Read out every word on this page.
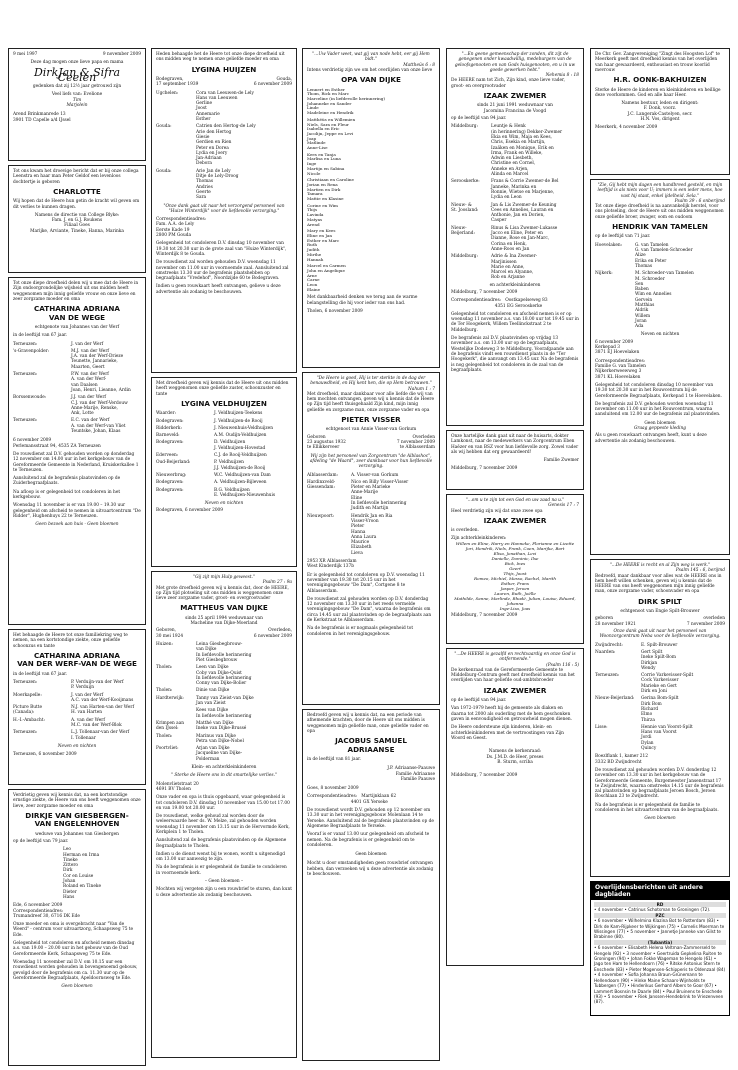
9 mei 1997	9 november 2009
Deze dag mogen onze lieve papa en mama
DirkJan & Sifra Ceelen
gedenken dat zij 12½ jaar getrouwd zijn
Veel liefs van: Evelione
Tim
Marjolein
Arend Brinkmanrede 13
3901 TD Capelle a/d IJssel
Tot ons kwam het droevige bericht dat er bij onze collega Leenstra en haar man Peter Geldof een levenloos dochtertje is geboren
CHARLOTTE
Wij hopen dat de Heere hun getin de kracht wil geven om dit verlies te kunnen dragen.
Namens de directie van College Blyke:
Fam. J. en G.J. Roukens
Filiaal Goes
Marijke, Arviante, Tineke, Hanna, Marinka
Tot onze diepe droefheid delen wij u mee dat de Heere in Zijn ondoorgrondelijke wijsheid uit ons midden heeft weggenomen mijn innig geliefde vrouw en onze lieve en zeer zorgzame moeder en oma
CATHARINA ADRIANA
VAN DE WEGE
echtgenote van Johannes van der Werf
in de leeftijd van 67 jaar.
Terneuzen:	J. van der Werf
's-Gravenpolder:	M.J. van der Werf
J.A. van der Werf-Drieze
Teunette, Jannarieke,
Maarten, Geert
Terneuzen:	P.W. van der Werf
A. van der Werf-
van Daalsen
Joan, Henri, Lieanne, Ardin
Borssenwoude:	J.J. van der Werf
C.J. van der Werf-Verdouw
Anne-Marije, Renske,
Ank, Lotte
Terneuzen:	E.C. van der Werf
A. van der Werf-van Vliet
Teuntske, Johan, Klaas
6 november 2009
Perlemansstraat 94, 4535 ZA Terneuzen
De rouwdienst zal D.V. gehouden worden op donderdag 12 november om 14.00 uur in het kerkgebouw van de Gereformeerde Gemeente in Nederland, Kruiskerkallee 1 te Terneuzen.
Aansluitend zal de begrafenis plaatsvinden op de Zuiderbegraafplaats.
Na afloop is er gelegenheid tot condoleren in het kerkgebouw.
Woensdag 11 november is er van 19.00 – 19.30 uur gelegenheid om afscheid te nemen in uitvaartcentrum "De Ridder", Hughenhuys 22 te Terneuzen.
Geen bezoek aan huis - Geen bloemen
Het behaagde de Heere tot onze familiekring weg te nemen, na een kortstondige ziekte, onze geliefde schoonzus en tante
CATHARINA ADRIANA
VAN DER WERF-VAN DE WEGE
in de leeftijd van 67 jaar.
Terneuzen:	P. Verduijn-van der Werf
P. Verduijn
Moerkapelle:	J. van der Werf
A.C. van der Werf-Kooijmans
Picture Butte
(Canada):
N.J. van Harten-van der Werf
H. van Harten
H.-I.-Ambacht:	A. van der Werf
M.C. van der Werf-Blok
Terneuzen:	L.J. Tollenaar-van der Werf
I. Tollenaar
Neven en nichten
Terneuzen, 6 november 2009
Verdrietig geven wij kennis dat, na een kortstondige ernstige ziekte, de Heere van ons heeft weggenomen onze lieve, zeer zorgzame moeder en oma
DIRKJE VAN GIESBERGEN-
VAN ENGELENHOVEN
weduwe van Johannes van Giesbergen
op de leeftijd van 79 jaar.
Leo
Herman en Irma
Tineke
Zittero
Dirk
Cor en Louise
Johan
Roland en Tineke
Dieter
Hans
Ede, 6 november 2009
Correspondentieadres:
Trumandreef 30, 6716 DK Ede
Onze moeder en oma is overgebracht naar "Van de Weerd" - centrum voor uitvaartzorg, Schaapsweg 75 te Ede.
Gelegenheid tot condoleren en afscheid nemen dinsdag a.s. van 19.00 – 20.00 uur in het gebouw van de Oud Gereformeerde Kerk, Schaapsweg 75 te Ede.
Woensdag 11 november zal D.V. om 10.15 uur een rouwdienst worden gehouden in bovengenoemd gebouw, gevolgd door de begrafenis om ca. 11.30 uur op de Gereformeerde Begraafplaats, Apeldoornsweg te Ede.
Geen bloemen
Heden behaagde het de Heere tot onze diepe droefheid uit ons midden weg te nemen onze geliefde moeder en oma
LYGINA HUIJZEN
Bodegraven,	Gouda,
17 september 1939	6 november 2009
Ugchelen:	Cora van Leeuwen-de Lely
Hans van Leeuwen
Gerline
Joost
Annemarie
Esther
Gouda:	Catrien den Hertog-de Lely
Arie den Hertog
Giesie
Gerdien en Rien
Peter en Dorea
Lydia en Joery
Jan-Adriaan
Debora
Gouda:	Arie Jan de Lely
Ditje de Lely-Droog
Thomas
Andries
Geerte
Sara
"Onze dank gaat uit naar het verzorgend personeel van "Huize Winterdijk" voor de liefdevolle verzorging."
Correspondentieadres:
Fam. A.A. de Lely
Eerste Kade 19
2800 PM Gouda
Gelegenheid tot condoleren D.V. dinsdag 10 november van 19.30 tot 20.30 uur in de grote zaal van "Huize Winterdijk", Winterdijk 8 te Gouda.
De rouwdienst zal worden gehouden D.V. woensdag 11 november om 11.00 uur in voornoemde zaal. Aansluitend zal omstreeks 13.30 uur de begrafenis plaatshebben op begraafplaats "Vredehof", Noordzijde 60 te Bodegraven.
Indien u geen rouwkaart heeft ontvangen, gelieve u deze advertentie als zodanig te beschouwen.
Met droefheid geven wij kennis dat de Heere uit ons midden heeft weggenomen onze geliefde zuster, schoonzuster en tante
LYGINA VELDHUIJZEN
Waarder:	J. Veldhuijzen-Teekens
Bodegraven:	J. Veldhuijzen-de Rooij
Ridderkerk:	J. Nieuwenhuis-Veldhuijzen
Barneveld:	A.M. Oudijn-Veldhuijzen
Bodegraven:	D. Veldhuijzen
J. Veldhuijzen-Hovestad
Ederveen:	C.J. de Rooij-Veldhuijzen
Oud-Beijerland:	P. Veldhuijzen
J.J. Veldhuijzen-de Rooij
Nieuwerbrug:	W.C. Veldhuijzen-van Dam
Bodegraven:	A. Veldhuijzen-Bijleveen
Bodegraven:	B.G. Veldhuijzen
E. Veldhuijzen-Nieuwenhuis
Neven en nichten
Bodegraven, 6 november 2009
"Gij zijt mijn Hulp geweest."
Psalm 27 : 9a
Met grote droefheid geven wij u kennis dat, door de HEERE, op Zijn tijd plotseling uit ons midden is weggenomen onze lieve zeer zorgzame vader, groot- en overgrootvader
MATTHEUS VAN DIJKE
sinds 25 april 1994 weduwnaar van
Macheline van Dijke-Moerland
Geboren,	Overleden,
30 mei 1924	6 november 2009
Huizen:	Leina Giesbegbrouw-
van Dijke
In liefdevolle herinnering
Piet Giesbegbrouw
Tholen:	Leen van Dijke
Coby van Dijke-Quist
In liefdevolle herinnering
Conny van Dijke-Bolier
Tholen:	Dinie van Dijke
Hardterwijk:	Tanny van Zieist-van Dijke
Jan van Zieist
Kees van Dijke
In liefdevolle herinnering
Krimpen aan
den IJssel:
Matthé van Dijke
Ineke van Dijke-Brussé
Tholen:	Marinus van Dijke
Petra van Dijke-Nobel
Poortvliet:	Arjan van Dijke
Jacqueline van Dijke-
Polderman
Klein- en achterkleinkinderen
" Sterke de Heere ons in dit smartelijke verlies."
Molenvlietstraat 20
4691 BV Tholen
Onze vader en opa is thuis opgebaard, waar gelegenheid is tot condoleren D.V. dinsdag 10 november van 15.00 tot 17.00 en van 19.00 tot 20.00 uur.
De rouwdienst, welke gehoud zal worden door de weleerwaarde heer ds. W. Melze, zal gehouden worden woensdag 11 november om 13.15 uur in de Hervormde Kerk, Kerkplein 1 te Tholen.
Aansluitend zal de begrafenis plaatsvinden op de Algemene Begraafplaats te Tholen.
Indien u de dienst wenst bij te wonen, wordt u uitgenodigd om 13.00 uur aanwezig te zijn.
Na de begrafenis is er gelegenheid de familie te condoleren in voornoemde kerk.
– Geen bloemen –
Mochten wij vergeten zijn u een rouwbrief te sturen, dan kunt u deze advertentie als zodanig beschouwen.
"...Uw Vader weet, wat gij van node hebt, eer gij Hem bidt."
Mattheüs 6 : 8
Intens verdrietig zijn we om het overlijden van onze lieve
OPA VAN DIJKE
Lennert en Esther
Thom, Rick en Marc
Marceline (in liefdevolle herinnering)
Johanneke en Sander
Linde
Madeleine en Hendrik

Matthéüs en Willemien
Niels, Sara en Fleur
Isabella en Eric
Jacolijn, Jeppe en Levi
Joap
Matlinde
Anne-Lise

Kees en Tanja
Marlisa en Luna
Inge
Martijn en Sabina
Nicole

Christiaan en Caroline
Jorian en Rena
Martien en Dirk
Tamara
Mattie en Klasine

Corine en Wim
Thijs
Lavinda
Matyas
Arend

Mary en Kees
Eline en Jan
Esther en Marc
Ruth
Judith
Mirthe
Hannah

Marcel en Carmen
John en Angelique
Arne
Carne
Leon
Elaine
Met dankbaarheid denken we terug aan de warme belangstelling die hij voor ieder van ons had.
Tholen, 6 november 2009
"De Heere is goed, Hij is ter sterkte in de dag der benauwdheid, en Hij kent hen, die op Hem betrouwen."
Nahum 1 : 7
Met droefheid, maar dankbaar voor alle liefde die wij van hem mochten ontvangen, geven wij u kennis dat de Heere op Zijn tijd heeft thuisgehaald Zijn kind, mijn innig geliefde en zorgzame man, onze zorgzame vader en opa
PIETER VISSER
echtgenoot van Annie Visser-van Gorkum
Geboren	Overleden
23 augustus 1932	7 november 2009
te Ellikkerveer	te Alblasserdam
Wij zijn het personeel van Zorgcentrum "de Alblashoc", afdeling "de Waard", zeer dankbaar voor hun liefdevolle verzorging.
Alblasserdam:	A. Visser-van Gorkum
Hardinxveld-
Giessendam:
Nico en Billy Visser-Visser
Pieter en Marieke
Anne-Marije
Eline
In liefdevolle herinnering
Judith en Martijn
Nieuwpoort:	Hendrik Jan en Ria
Visser-Vroon
Pieter
Hanna
Anna Laura
Maurice
Elizabeth
Lieva
2953 XR Alblasserdam
West Kinderdijk 137b
Er is gelegenheid tot condoleren op D.V. woensdag 11 november van 19.30 tot 20.15 uur in het verenigingsgebouw "De Dam", Cortgene 8 te Alblasserdam.
De rouwdienst zal gehouden worden op D.V. donderdag 12 november om 13.30 uur in het reeds vermelde verenigingsgebouw "De Dam", waarna de begrafenis om circa 14.45 uur zal plaatsvinden op de begraafplaats aan de Kerkstraat te Alblasserdam.
Na de begrafenis is er nogmaals gelegenheid tot condoleren in het verenigingsgebouw.
Bedroefd geven wij u kennis dat, na een periode van afnemende krachten, door de Heere uit ons midden is weggenomen mijn geliefde man, onze geliefde vader en opa
JACOBUS SAMUEL
ADRIAANSE
in de leeftijd van 81 jaar.
J.P. Adriaanse-Paauwe
Familie Adriaanse
Familie Paauwe
Goes, 8 november 2009
Correspondentieadres:   Martijnklaan 62
4401 GX Yerseke
De rouwdienst wordt D.V. gehouden op 12 november om 13.30 uur in het verenigingsgebouw Molenlaan 14 te Yerseke. Aansluitend zal de begrafenis plaatsvinden op de Algemene Begraafplaats te Yerseke.
Vooraf is er vanaf 13.00 uur gelegenheid om afscheid te nemen. Na de begrafenis is er gelegenheid om te condoleren.
Geen bloemen
Mocht u door omstandigheden geen rouwbrief ontvangen hebben, dan verzoeken wij u deze advertentie als zodanig te beschouwen.
"...En geene gemeenschap der zonden, dit zijt de genegenen onder kwaadwillig, medeburgers van de geloofsgenooten en van Gods huisgenooten, en u in uw goede gewerken hebt."
Nehemia 8 : 18
De HEERE nam tot Zich, Zijn kind, onze lieve vader, groot- en overgrootvader
IZAAK ZWEMER
sinds 21 juni 1991 weduwnaar van
Jacomina Francina de Voogd
op de leeftijd van 94 jaar.
Middelburg:	Leuntje & Henk
(in herinnering) Dekker-Zwemer
Ekia en Wim, Maja en Kees,
Chris, Esekia en Martijn,
Izaäken en Monique, Erik en
Irma, Frank en Willeke,
Adwin en Liesbeth,
Christine en Cornel,
Anneke en Arjen,
Alinda en Marcel
Serooskerke:	Frans & Corrie Zwemer-de Bel
Janneke, Marinka en
Ronnie, Wietse en Marjenne,
Lydia en Leon
Nieuw- &
St. Joosland:
Jan & Lis Zwemer-de Keuning
Cees en Annelies, Lauran en
Anthonie, Jan en Dorien,
Casper
Nieuw-
Beijerland:
Rinus & Lisa Zwemer-Lukasse
Jacco en Eline, Peter en
Dianne, Rose en Jan-Marc,
Corina en Henk,
Anne-Roos en Jan
Middelburg:	Adrie & Ina Zwemer-
Marjinissen
Marie en Anne,
Marcel en Alyanne,
Rob en Arjanne
en achterkleinkinderen
Middelburg, 7 november 2009
Correspondentieadres:   Oostkapelseweg 83
4351 EG Serooskerke
Gelegenheid tot condoleren en afscheid nemen is er op woensdag 11 november a.s. van 18.00 uur tot 19.45 uur in de Ter Hoogekerk, Willem Teellinckstraat 2 te Middelburg.
De begrafenis zal D.V. plaatsvinden op vrijdag 13 november a.s. om 13.00 uur op de begraafplaats, Westelijke Dodeweg 3 te Middelburg. Voorafgaande aan de begrafenis vindt een rouwdienst plaats in de "Ter Hoogekerk", die aanvangt om 13.45 uur. Na de begrafenis is nog gelegenheid tot condoleren in de zaal van de begraafplaats.
Onze hartelijke dank gaat uit naar de huisarts, dokter Lamkonst, naar de medewerkers van Zorgcentrum Eben Haëzer en van BSZ voor hun liefdevolle zorg. Zowel vader als wij hebben dat erg gewaardeerd!
Familie Zwemer
Middelburg, 7 november 2009
"...om u te zijn tot een God en uw zaad na u."
Genesis 17 : 7
Heel verdrietig zijn wij dat onze zwee opa
IZAAK ZWEMER
is overleden.
Zijn achterkleinkinderen:
Willem en Eline, Harry en Hanneke, Florianne en Lizette
Jori, Hendrik, Niels, Frank, Coen, Marijke, Bart
Elisa, Jonathan, Levi
Danielle, Dominic, Ilse
Bick, Ines
Geert
Thijs, Joost
Romeo, Michiel, Messo, Rachel, Marith
Esther, Frans
Jasper, Jeroen
Lauren, Ruth, Joëlle
Mathilde, Sanne, Marlinde, Rhodé, Julian, Louise, Eduard, Johanna
Inge-Lisa, Joas
Middelburg, 7 november 2009
"...De HEERE is gezalfd en rechtvaardig en onze God is ontfermende."
(Psalm 116 : 5)
De kerkenraad van de Gereformeerde Gemeente te Middelburg-Centrum geeft met droefheid kennis van het overlijden van haar geliefde oud-ambtsbroeder
IZAAK ZWEMER
op de leeftijd van 94 jaar.
Van 1972-1979 heeft hij de gemeente als diaken en daarna tot 2000 als ouderling met de hem geschonken gaven in eenvoudigheid en getrouwheid mogen dienen.
De Heere ondersteune zijn kinderen, klein- en achterkleinkinderen met de vertroostingen van Zijn Woord en Geest.
Namens de kerkenraad:
Ds. J.M.D. de Heer, preses
B. Sturm, scriba
Middelburg, 7 november 2009
De Chr. Gev. Zangvereniging "Zingt des Hoogsten Lof" te Meerkerk geeft met droefheid kennis van het overlijden van haar gewaardeerd, enthousiast en trouw koorlid mevrouw
H.R. OONK-BAKHUIZEN
Sterke de Heere de kinderen en kleinkinderen en heillige deze voorkommen. God en alle haar Heer.
Namens bestuur, leden en dirigent:
F. Donk, voorz.
J.C. Langerak-Castelyen, secr.
H.N. Vos, dirigent
Meerkerk, 4 november 2009
"Zie, Gij hebt mijn dagen een handbreed gesteld, en mijn leeftijd is als niets voor U; immers is een ieder mens, hoe vast hij staat, enkel ijdelheid. Sela."
Psalm 39 : 6 onberijmd
Tot onze diepe droefheid is na aanvankelijk herstel, voor ons plotseling, door de Heere uit ons midden weggenomen onze geliefde broer, zwager, oom en oudoom
HENDRIK VAN TAMELEN
op de leeftijd van 71 jaar.
Hoevelaken:	G. van Tamelen
G. van Tamelen-Schroeder
Alize
Erika en Peter
Thomas
Nijkerk:	M. Schroeder-van Tamelen
M. Schroeder
Sen
Baben
Wim en Annelies
Gervein
Matthias
Aldrik
Willem
Joran
Ada
Neven en nichten
6 november 2009
Kerkepad 3
3871 EJ Hoevelaken
Correspondentieadres:
Familie G. van Tamelen
Nijkerkerweewweg 3
3871 KL Hoevelaken
Gelegenheid tot condoleren dinsdag 10 november van 19.30 tot 20.30 uur in het Rouwcentrum bij de Gereformeerde Begraafplaats, Kerkepad 1 te Hoevelaken.
De begrafenis zal D.V. gehouden worden woensdag 11 november om 11.00 uur in het Rouwcentrum, waarna aansluitend om 12.00 uur de begrafenis zal plaatsvinden.
Geen bloemen
Graag geppeste kleding
Als u geen rouwkaart ontvangen heeft, kunt u deze advertentie als zodanig beschouwen.
"...De HEERE is recht en al Zijn weg is werk."
Psalm 145 : 6, berijmd
Bedroefd, maar dankbaar voor alles wat de HEERE ons in hem heeft willen schenken, geven wij u kennis dat de HEERE van ons heeft weggenomen mijn innig geliefde man, onze zorgzame vader, schoonvader en opa
DIRK SPILT
echtgenoot van Engie Spilt-Brouwer
geboren	overleden
28 november 1921	7 november 2009
Onze dank gaat uit naar het personeel van Woonzorgcentrum Neba voor de liefdevolle verzorging.
Zwijndrecht:	E. Spilt-Brouwer
Naarden:	Gert Spilt
Ineke Spilt-Bom
Dirkjan
Wendy
Terneuzen:	Corrie Varkevisser-Spilt
Cock Varkevisser
Marieke en Gert
Dirk en Joni
Nieuw-Beijerland:	Gerina Bom-Spilt
Dirk Bom
Richard
Elmo
Thirza
Lisse:	Hennie van Voorst-Spilt
Hans van Voorst
Jordi
Dylan
Quincy
Boezlflank 1, kamer 212
3332 BD Zwijndrecht
De rouwdienst zal gehouden worden D.V. donderdag 12 november om 13.30 uur in het kerkgebouw van de Gereformeerde Gemeente, Burgemeester Jansenstraat 17 te Zwijndrecht, waarna omstreeks 14.15 uur de begrafenis zal plaatsvinden op begraafplaats Jeroen Bosch, Jeroen Boschlaan 23 te Zwijndrecht.
Na de begrafenis is er gelegenheid de familie te condoleren in het uitvaartcentrum van de begraafplaats.
Geen bloemen
Overlijdensberichten uit andere dagbladen
RD
• 4 november • Catrinus Schotsman te Groningen (72).
PZC
• 6 november • Wilhelmina Klazina Bot te Rotterdam (83) • Dirk de Kam-Rijpkeer te Wijkingen (75) • Cornelis Moerman te Wissingen (77) • 5 november • Jannetje Janneke van Gilst te Brabinne (80).
(Tubantia)
• 6 november • Elisabeth Helena Veltman-Zammerseld te Hengelo (92) • 3 november • Geertruida Gepkelina Ruiten te Groningen (94) • Johan Fokke Wageman te Hengelo (61) • Jago ten Ham te Hellendoorn (76) • Ritske Antonius Stern te Enschede (83) • Pieter Mogensen-Schipperis te Oldenzaal (84) • 4 november • Sofia Johanna Braun-Grünemann te Hellendoorn (90) • Hinke Maine Schaars-Wijnholds te Tubbergen (77) • Hinderikus Gerhard Albers te Goor (67) • Lammert Bosnsin te Daarle (84) • Paul Bruinens te Enschede (93) • 5 november • Riek Janssen-Hendebrink te Vriezenveen (87).
